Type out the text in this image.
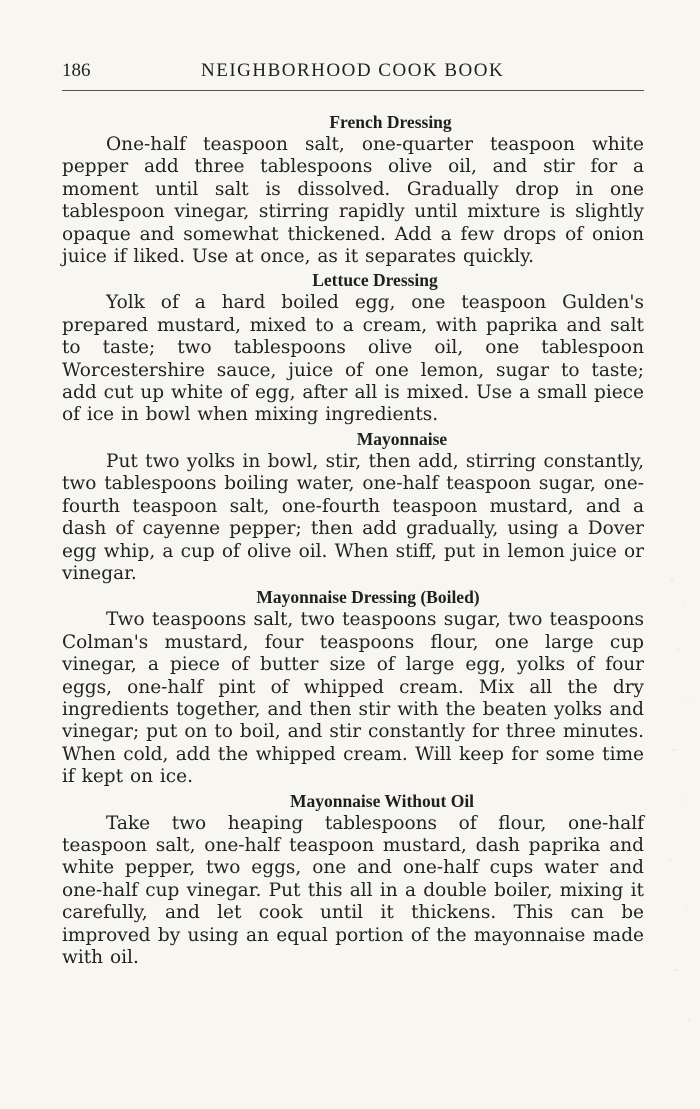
186	NEIGHBORHOOD COOK BOOK
French Dressing

One-half teaspoon salt, one-quarter teaspoon white pepper add three tablespoons olive oil, and stir for a moment until salt is dissolved. Gradually drop in one tablespoon vinegar, stirring rapidly until mixture is slightly opaque and somewhat thickened. Add a few drops of onion juice if liked. Use at once, as it separates quickly.

Lettuce Dressing

Yolk of a hard boiled egg, one teaspoon Gulden's prepared mustard, mixed to a cream, with paprika and salt to taste; two tablespoons olive oil, one tablespoon Worcestershire sauce, juice of one lemon, sugar to taste; add cut up white of egg, after all is mixed. Use a small piece of ice in bowl when mixing ingredients.

Mayonnaise

Put two yolks in bowl, stir, then add, stirring constantly, two tablespoons boiling water, one-half teaspoon sugar, one-fourth teaspoon salt, one-fourth teaspoon mustard, and a dash of cayenne pepper; then add gradually, using a Dover egg whip, a cup of olive oil. When stiff, put in lemon juice or vinegar.

Mayonnaise Dressing (Boiled)

Two teaspoons salt, two teaspoons sugar, two teaspoons Colman's mustard, four teaspoons flour, one large cup vinegar, a piece of butter size of large egg, yolks of four eggs, one-half pint of whipped cream. Mix all the dry ingredients together, and then stir with the beaten yolks and vinegar; put on to boil, and stir constantly for three minutes. When cold, add the whipped cream. Will keep for some time if kept on ice.

Mayonnaise Without Oil

Take two heaping tablespoons of flour, one-half teaspoon salt, one-half teaspoon mustard, dash paprika and white pepper, two eggs, one and one-half cups water and one-half cup vinegar. Put this all in a double boiler, mixing it carefully, and let cook until it thickens. This can be improved by using an equal portion of the mayonnaise made with oil.
